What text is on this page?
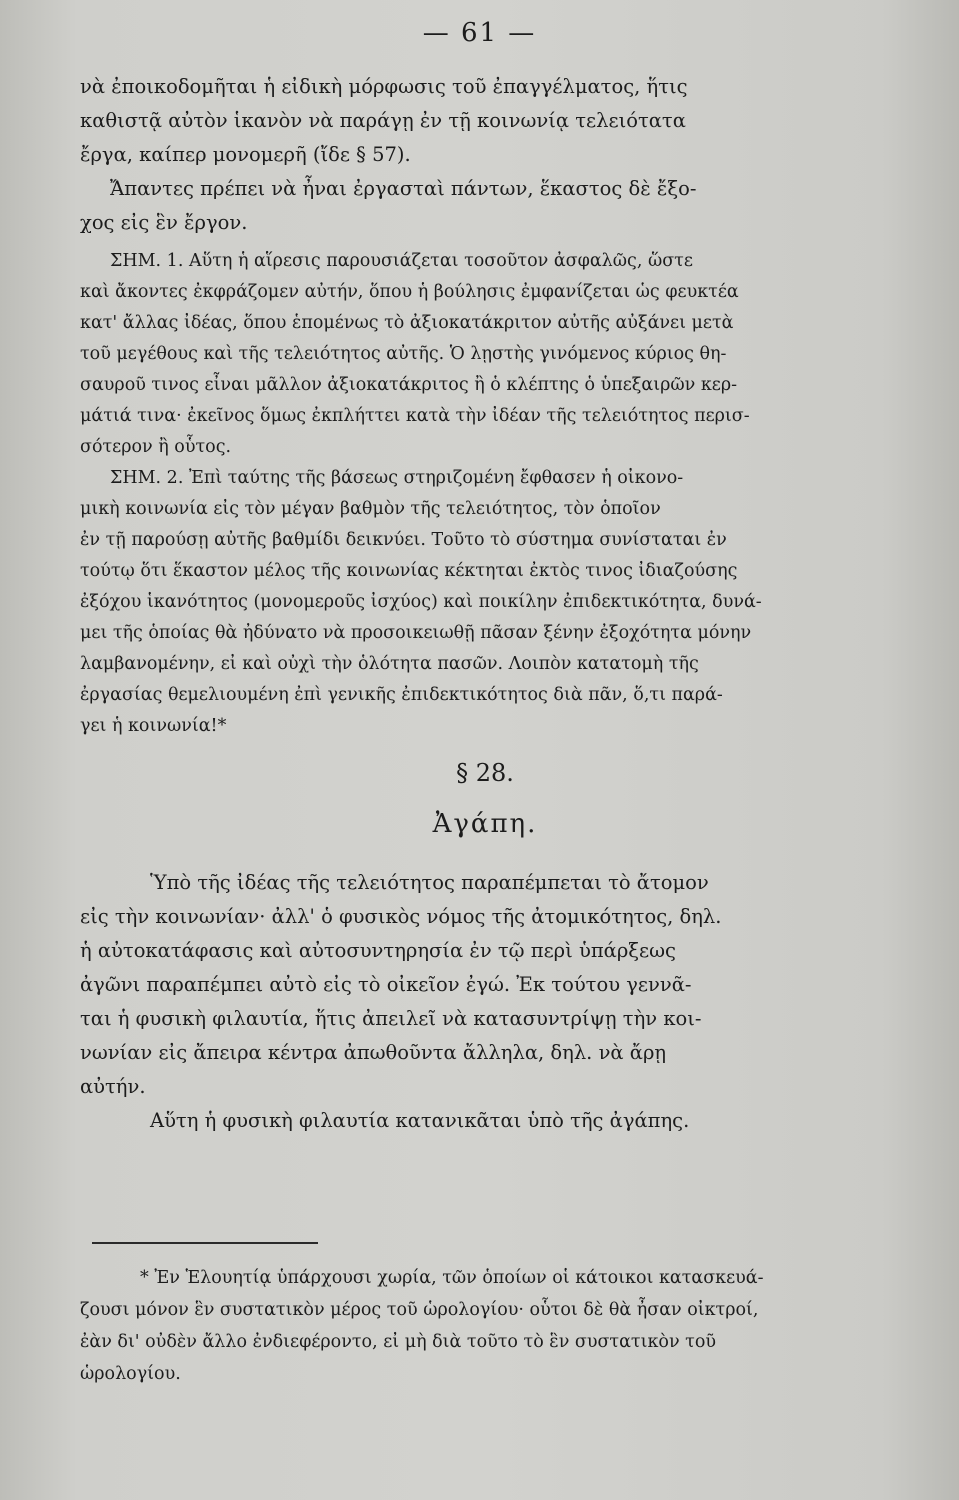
— 61 —
νὰ ἐποικοδομῆται ἡ εἰδικὴ μόρφωσις τοῦ ἐπαγγέλματος, ἥτις
καθιστᾷ αὐτὸν ἱκανὸν νὰ παράγῃ ἐν τῇ κοινωνίᾳ τελειότατα
ἔργα, καίπερ μονομερῆ (ἴδε § 57).
Ἄπαντες πρέπει νὰ ἦναι ἐργασταὶ πάντων, ἕκαστος δὲ ἔξο-
χος εἰς ἓν ἔργον.
ΣΗΜ. 1. Αὕτη ἡ αἵρεσις παρουσιάζεται τοσοῦτον ἀσφαλῶς, ὥστε
καὶ ἄκοντες ἐκφράζομεν αὐτήν, ὅπου ἡ βούλησις ἐμφανίζεται ὡς φευκτέα
κατ' ἄλλας ἰδέας, ὅπου ἑπομένως τὸ ἀξιοκατάκριτον αὐτῆς αὐξάνει μετὰ
τοῦ μεγέθους καὶ τῆς τελειότητος αὐτῆς. Ὁ λῃστὴς γινόμενος κύριος θη-
σαυροῦ τινος εἶναι μᾶλλον ἀξιοκατάκριτος ἢ ὁ κλέπτης ὁ ὑπεξαιρῶν κερ-
μάτιά τινα· ἐκεῖνος ὅμως ἐκπλήττει κατὰ τὴν ἰδέαν τῆς τελειότητος περισ-
σότερον ἢ οὗτος.
ΣΗΜ. 2. Ἐπὶ ταύτης τῆς βάσεως στηριζομένη ἔφθασεν ἡ οἰκονο-
μικὴ κοινωνία εἰς τὸν μέγαν βαθμὸν τῆς τελειότητος, τὸν ὁποῖον
ἐν τῇ παρούσῃ αὐτῆς βαθμίδι δεικνύει. Τοῦτο τὸ σύστημα συνίσταται ἐν
τούτῳ ὅτι ἕκαστον μέλος τῆς κοινωνίας κέκτηται ἐκτὸς τινος ἰδιαζούσης
ἐξόχου ἱκανότητος (μονομεροῦς ἰσχύος) καὶ ποικίλην ἐπιδεκτικότητα, δυνά-
μει τῆς ὁποίας θὰ ἠδύνατο νὰ προσοικειωθῇ πᾶσαν ξένην ἐξοχότητα μόνην
λαμβανομένην, εἰ καὶ οὐχὶ τὴν ὁλότητα πασῶν. Λοιπὸν κατατομὴ τῆς
ἐργασίας θεμελιουμένη ἐπὶ γενικῆς ἐπιδεκτικότητος διὰ πᾶν, ὅ,τι παρά-
γει ἡ κοινωνία!*
§ 28.
Ἀγάπη.
Ὑπὸ τῆς ἰδέας τῆς τελειότητος παραπέμπεται τὸ ἄτομον
εἰς τὴν κοινωνίαν· ἀλλ' ὁ φυσικὸς νόμος τῆς ἀτομικότητος, δηλ.
ἡ αὐτοκατάφασις καὶ αὐτοσυντηρησία ἐν τῷ περὶ ὑπάρξεως
ἀγῶνι παραπέμπει αὐτὸ εἰς τὸ οἰκεῖον ἐγώ. Ἐκ τούτου γεννᾶ-
ται ἡ φυσικὴ φιλαυτία, ἥτις ἀπειλεῖ νὰ κατασυντρίψῃ τὴν κοι-
νωνίαν εἰς ἄπειρα κέντρα ἀπωθοῦντα ἄλληλα, δηλ. νὰ ἄρῃ
αὐτήν.
Αὕτη ἡ φυσικὴ φιλαυτία κατανικᾶται ὑπὸ τῆς ἀγάπης.
* Ἐν Ἑλουητίᾳ ὑπάρχουσι χωρία, τῶν ὁποίων οἱ κάτοικοι κατασκευά-
ζουσι μόνον ἓν συστατικὸν μέρος τοῦ ὡρολογίου· οὗτοι δὲ θὰ ἦσαν οἰκτροί,
ἐὰν δι' οὐδὲν ἄλλο ἐνδιεφέροντο, εἰ μὴ διὰ τοῦτο τὸ ἓν συστατικὸν τοῦ
ὡρολογίου.
